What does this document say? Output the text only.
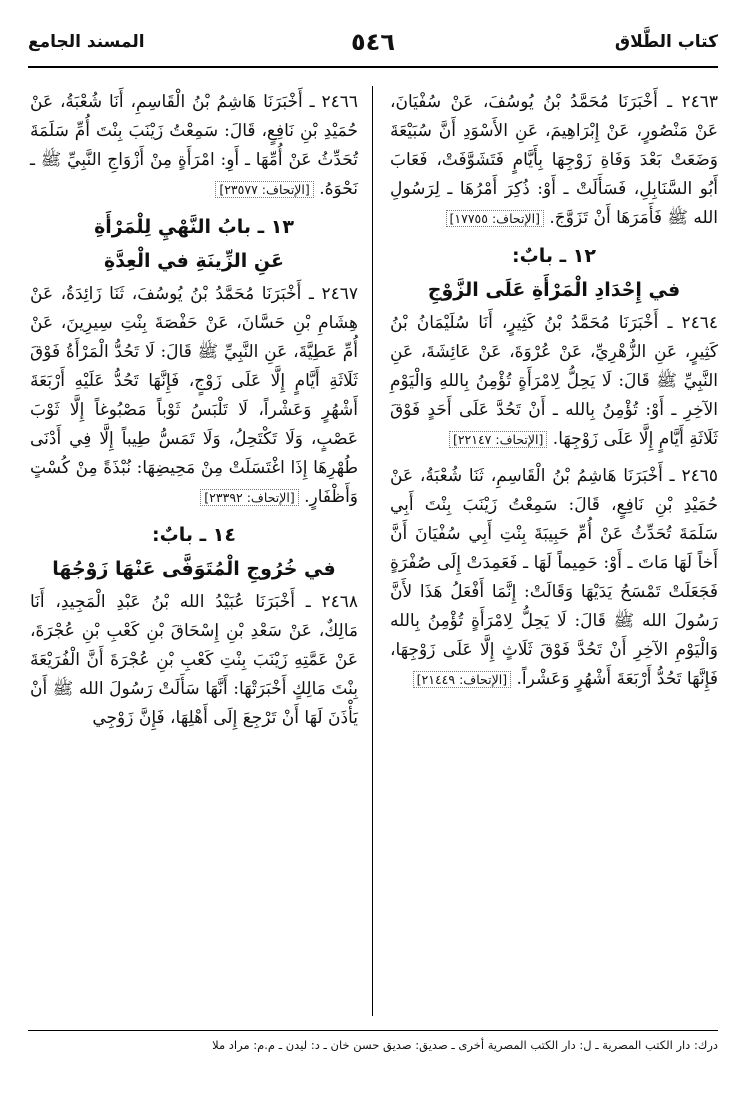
كتاب الطَّلاق
٥٤٦
المسند الجامع

٢٤٦٣ ـ أَخْبَرَنَا مُحَمَّدُ بْنُ يُوسُفَ، عَنْ سُفْيَانَ، عَنْ مَنْصُورٍ، عَنْ إِبْرَاهِيمَ، عَنِ الأَسْوَدِ أَنَّ سُبَيْعَةَ وَضَعَتْ بَعْدَ وَفَاةِ زَوْجِهَا بِأَيَّامٍ فَتَشَوَّفَتْ، فَعَابَ أَبُو السَّنَابِلِ، فَسَأَلَتْ ـ أَوْ: ذُكِرَ أَمْرُهَا ـ لِرَسُولِ الله ﷺ فَأَمَرَهَا أَنْ تَزَوَّجَ. [الإتحاف: ١٧٧٥٥]

١٢ ـ بابٌ:
في إِحْدَادِ الْمَرْأَةِ عَلَى الزَّوْجِ

٢٤٦٤ ـ أَخْبَرَنَا مُحَمَّدُ بْنُ كَثِيرٍ، أَنَا سُلَيْمَانُ بْنُ كَثِيرٍ، عَنِ الزُّهْرِيِّ، عَنْ عُرْوَةَ، عَنْ عَائِشَةَ، عَنِ النَّبِيِّ ﷺ قَالَ: لَا يَحِلُّ لِامْرَأَةٍ تُؤْمِنُ بِاللهِ وَالْيَوْمِ الآخِرِ ـ أَوْ: تُؤْمِنُ بِالله ـ أَنْ تَحُدَّ عَلَى أَحَدٍ فَوْقَ ثَلَاثَةِ أَيَّامٍ إِلَّا عَلَى زَوْجِهَا. [الإتحاف: ٢٢١٤٧]

٢٤٦٥ ـ أَخْبَرَنَا هَاشِمُ بْنُ الْقَاسِمِ، ثَنَا شُعْبَةُ، عَنْ حُمَيْدِ بْنِ نَافِعٍ، قَالَ: سَمِعْتُ زَيْنَبَ بِنْتَ أَبِي سَلَمَةَ تُحَدِّثُ عَنْ أُمِّ حَبِيبَةَ بِنْتِ أَبِي سُفْيَانَ أَنَّ أَخاً لَهَا مَاتَ ـ أَوْ: حَمِيماً لَهَا ـ فَعَمِدَتْ إِلَى صُفْرَةٍ فَجَعَلَتْ تَمْسَحُ يَدَيْهَا وَقَالَتْ: إِنَّمَا أَفْعَلُ هَذَا لأَنَّ رَسُولَ الله ﷺ قَالَ: لَا يَحِلُّ لِامْرَأَةٍ تُؤْمِنُ بِالله وَالْيَوْمِ الآخِرِ أَنْ تَحُدَّ فَوْقَ ثَلَاثٍ إِلَّا عَلَى زَوْجِهَا، فَإِنَّهَا تَحُدُّ أَرْبَعَةَ أَشْهُرٍ وَعَشْراً. [الإتحاف: ٢١٤٤٩]

٢٤٦٦ ـ أَخْبَرَنَا هَاشِمُ بْنُ الْقَاسِمِ، أَنَا شُعْبَةُ، عَنْ حُمَيْدِ بْنِ نَافِعٍ، قَالَ: سَمِعْتُ زَيْنَبَ بِنْتَ أُمِّ سَلَمَةَ تُحَدِّثُ عَنْ أُمِّهَا ـ أَوِ: امْرَأَةٍ مِنْ أَزْوَاجِ النَّبِيِّ ﷺ ـ نَحْوَهُ. [الإتحاف: ٢٣٥٧٧]

١٣ ـ بابُ النَّهْيِ لِلْمَرْأَةِ
عَنِ الزِّينَةِ في الْعِدَّةِ

٢٤٦٧ ـ أَخْبَرَنَا مُحَمَّدُ بْنُ يُوسُفَ، ثَنَا زَائِدَةُ، عَنْ هِشَامِ بْنِ حَسَّانَ، عَنْ حَفْصَةَ بِنْتِ سِيرِينَ، عَنْ أُمِّ عَطِيَّةَ، عَنِ النَّبِيِّ ﷺ قَالَ: لَا تَحُدُّ الْمَرْأَةُ فَوْقَ ثَلَاثَةِ أَيَّامٍ إِلَّا عَلَى زَوْجٍ، فَإِنَّهَا تَحُدُّ عَلَيْهِ أَرْبَعَةَ أَشْهُرٍ وَعَشْراً، لَا تَلْبَسُ ثَوْباً مَصْبُوغاً إِلَّا ثَوْبَ عَصْبٍ، وَلَا تَكْتَحِلُ، وَلَا تَمَسُّ طِيباً إِلَّا فِي أَدْنَى طُهْرِهَا إِذَا اغْتَسَلَتْ مِنْ مَحِيضِهَا: نُبْذَةً مِنْ كُسْتٍ وَأَظْفَارٍ. [الإتحاف: ٢٣٣٩٢]

١٤ ـ بابٌ:
في خُرُوجِ الْمُتَوَفَّى عَنْهَا زَوْجُهَا

٢٤٦٨ ـ أَخْبَرَنَا عُبَيْدُ الله بْنُ عَبْدِ الْمَجِيدِ، أَنَا مَالِكٌ، عَنْ سَعْدِ بْنِ إِسْحَاقَ بْنِ كَعْبِ بْنِ عُجْرَةَ، عَنْ عَمَّتِهِ زَيْنَبَ بِنْتِ كَعْبِ بْنِ عُجْرَةَ أَنَّ الْفُرَيْعَةَ بِنْتَ مَالِكٍ أَخْبَرَتْهَا: أَنَّهَا سَأَلَتْ رَسُولَ الله ﷺ أَنْ يَأْذَنَ لَهَا أَنْ تَرْجِعَ إِلَى أَهْلِهَا، فَإِنَّ زَوْجِي

درك: دار الكتب المصرية ـ ل: دار الكتب المصرية أخرى ـ صديق: صديق حسن خان ـ د: ليدن ـ م.م: مراد ملا
